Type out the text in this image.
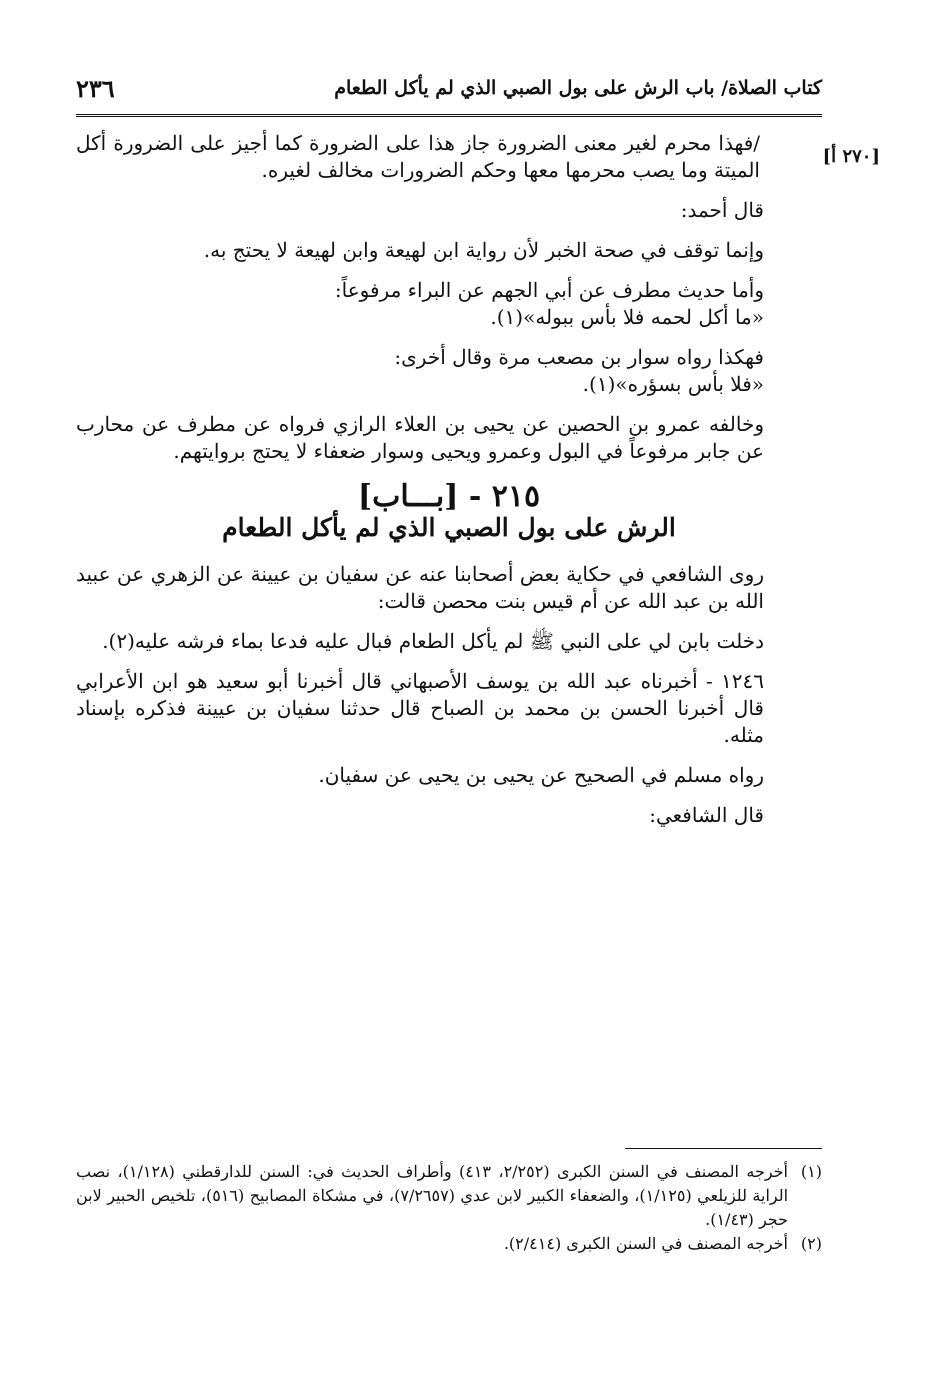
كتاب الصلاة/ باب الرش على بول الصبي الذي لم يأكل الطعام
٢٣٦
[٢٧٠ أ]

/فهذا محرم لغير معنى الضرورة جاز هذا على الضرورة كما أجيز على الضرورة أكل الميتة وما يصب محرمها معها وحكم الضرورات مخالف لغيره.

قال أحمد:

وإنما توقف في صحة الخبر لأن رواية ابن لهيعة وابن لهيعة لا يحتج به.

وأما حديث مطرف عن أبي الجهم عن البراء مرفوعاً:
«ما أكل لحمه فلا بأس ببوله»(١).
فهكذا رواه سوار بن مصعب مرة وقال أخرى:
«فلا بأس بسؤره»(١).

وخالفه عمرو بن الحصين عن يحيى بن العلاء الرازي فرواه عن مطرف عن محارب عن جابر مرفوعاً في البول وعمرو ويحيى وسوار ضعفاء لا يحتج بروايتهم.

٢١٥ - [بـــاب]
الرش على بول الصبي الذي لم يأكل الطعام

روى الشافعي في حكاية بعض أصحابنا عنه عن سفيان بن عيينة عن الزهري عن عبيد الله بن عبد الله عن أم قيس بنت محصن قالت:

دخلت بابن لي على النبي ﷺ لم يأكل الطعام فبال عليه فدعا بماء فرشه عليه(٢).

١٢٤٦ - أخبرناه عبد الله بن يوسف الأصبهاني قال أخبرنا أبو سعيد هو ابن الأعرابي قال أخبرنا الحسن بن محمد بن الصباح قال حدثنا سفيان بن عيينة فذكره بإسناد مثله.

رواه مسلم في الصحيح عن يحيى بن يحيى عن سفيان.

قال الشافعي:

(١)
أخرجه المصنف في السنن الكبرى (٢/٢٥٢، ٤١٣) وأطراف الحديث في: السنن للدارقطني (١/١٢٨)، نصب الراية للزيلعي (١/١٢٥)، والضعفاء الكبير لابن عدي (٧/٢٦٥٧)، في مشكاة المصابيح (٥١٦)، تلخيص الحبير لابن حجر (١/٤٣).
(٢)
أخرجه المصنف في السنن الكبرى (٢/٤١٤).
